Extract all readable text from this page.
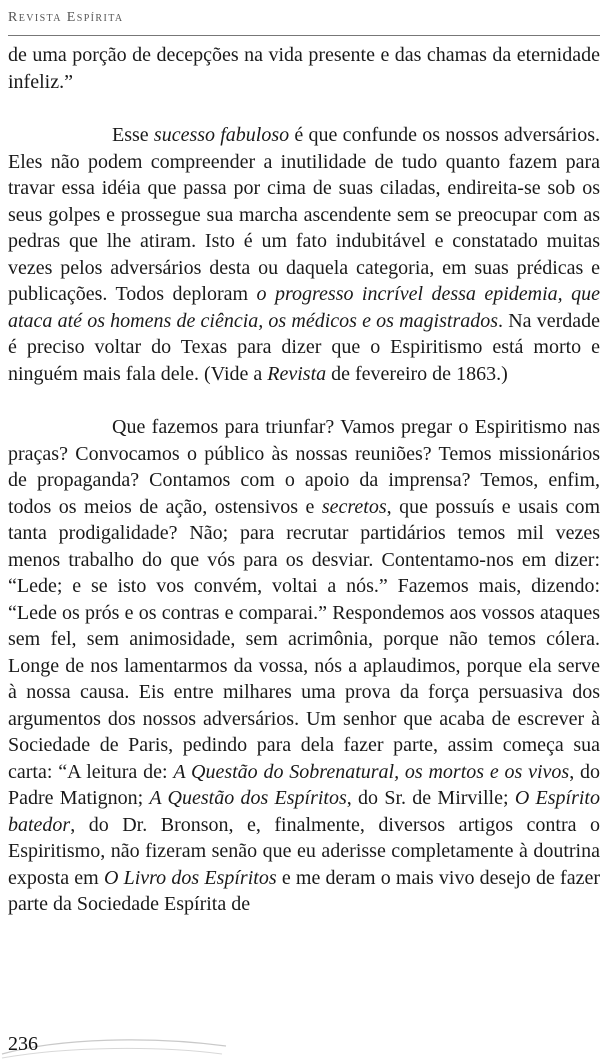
Revista Espírita

de uma porção de decepções na vida presente e das chamas da eternidade infeliz.”

Esse sucesso fabuloso é que confunde os nossos adversários. Eles não podem compreender a inutilidade de tudo quanto fazem para travar essa idéia que passa por cima de suas ciladas, endireita-se sob os seus golpes e prossegue sua marcha ascendente sem se preocupar com as pedras que lhe atiram. Isto é um fato indubitável e constatado muitas vezes pelos adversários desta ou daquela categoria, em suas prédicas e publicações. Todos deploram o progresso incrível dessa epidemia, que ataca até os homens de ciência, os médicos e os magistrados. Na verdade é preciso voltar do Texas para dizer que o Espiritismo está morto e ninguém mais fala dele. (Vide a Revista de fevereiro de 1863.)

Que fazemos para triunfar? Vamos pregar o Espiritismo nas praças? Convocamos o público às nossas reuniões? Temos missionários de propaganda? Contamos com o apoio da imprensa? Temos, enfim, todos os meios de ação, ostensivos e secretos, que possuís e usais com tanta prodigalidade? Não; para recrutar partidários temos mil vezes menos trabalho do que vós para os desviar. Contentamo-nos em dizer: “Lede; e se isto vos convém, voltai a nós.” Fazemos mais, dizendo: “Lede os prós e os contras e comparai.” Respondemos aos vossos ataques sem fel, sem animosidade, sem acrimônia, porque não temos cólera. Longe de nos lamentarmos da vossa, nós a aplaudimos, porque ela serve à nossa causa. Eis entre milhares uma prova da força persuasiva dos argumentos dos nossos adversários. Um senhor que acaba de escrever à Sociedade de Paris, pedindo para dela fazer parte, assim começa sua carta: “A leitura de: A Questão do Sobrenatural, os mortos e os vivos, do Padre Matignon; A Questão dos Espíritos, do Sr. de Mirville; O Espírito batedor, do Dr. Bronson, e, finalmente, diversos artigos contra o Espiritismo, não fizeram senão que eu aderisse completamente à doutrina exposta em O Livro dos Espíritos e me deram o mais vivo desejo de fazer parte da Sociedade Espírita de

236
